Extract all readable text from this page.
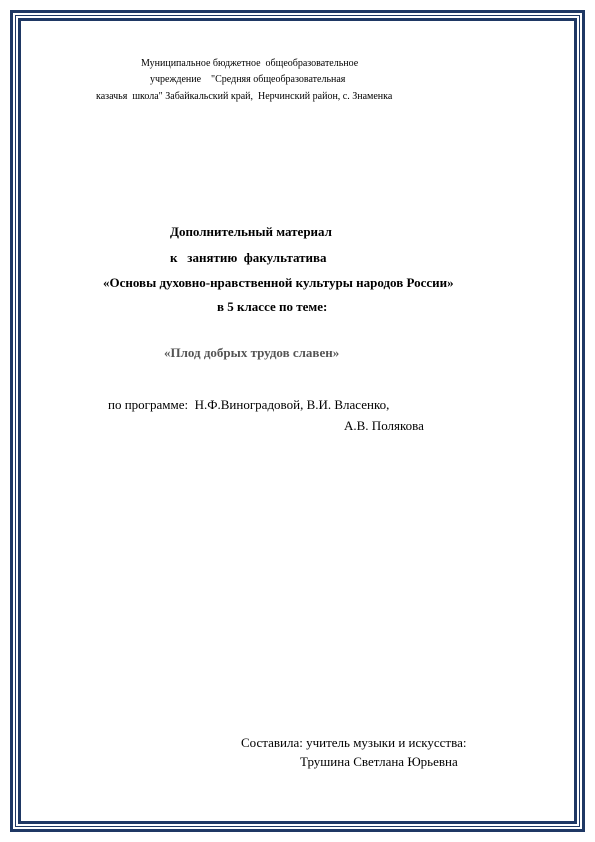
Муниципальное бюджетное  общеобразовательное
учреждение    "Средняя общеобразовательная
казачья  школа" Забайкальский край,  Нерчинский район, с. Знаменка
Дополнительный материал
к   занятию  факультатива
«Основы духовно-нравственной культуры народов России»
в 5 классе по теме:
«Плод добрых трудов славен»
по программе:  Н.Ф.Виноградовой, В.И. Власенко,
А.В. Полякова
Составила: учитель музыки и искусства:
Трушина Светлана Юрьевна
